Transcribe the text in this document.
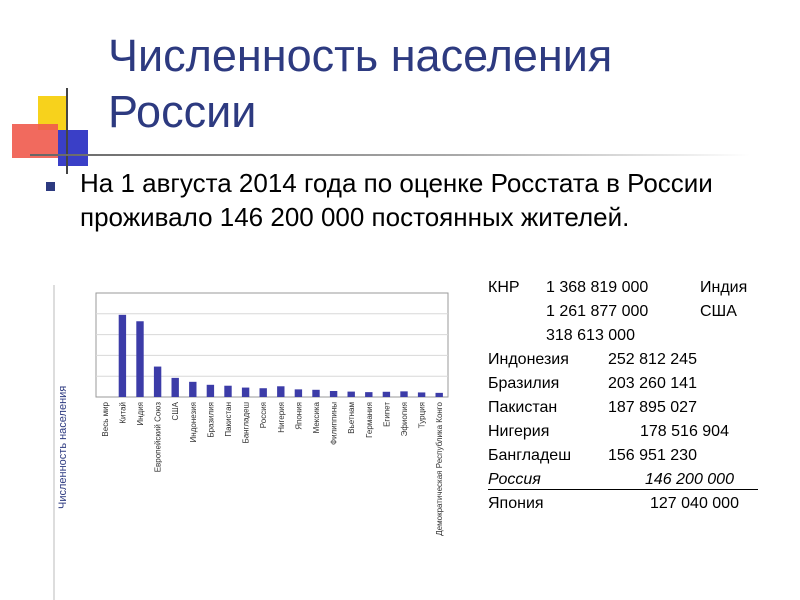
Численность населения
России
На 1 августа 2014 года по оценке Росстата в России проживало 146 200 000 постоянных жителей.
Численность населения	Весь мир Китай Индия Европейский Союз США Индонезия Бразилия Пакистан Бангладеш Россия Нигерия Япония Мексика Филиппины Вьетнам Германия Египет Эфиопия Турция Демократическая Республика Конго
КНР 1 368 819 000	Индия
1 261 877 000	США
318 613 000
Индонезия 252 812 245
Бразилия	203 260 141
Пакистан	187 895 027
Нигерия	178 516 904
Бангладеш 156 951 230
Россия	146 200 000
Япония	127 040 000
